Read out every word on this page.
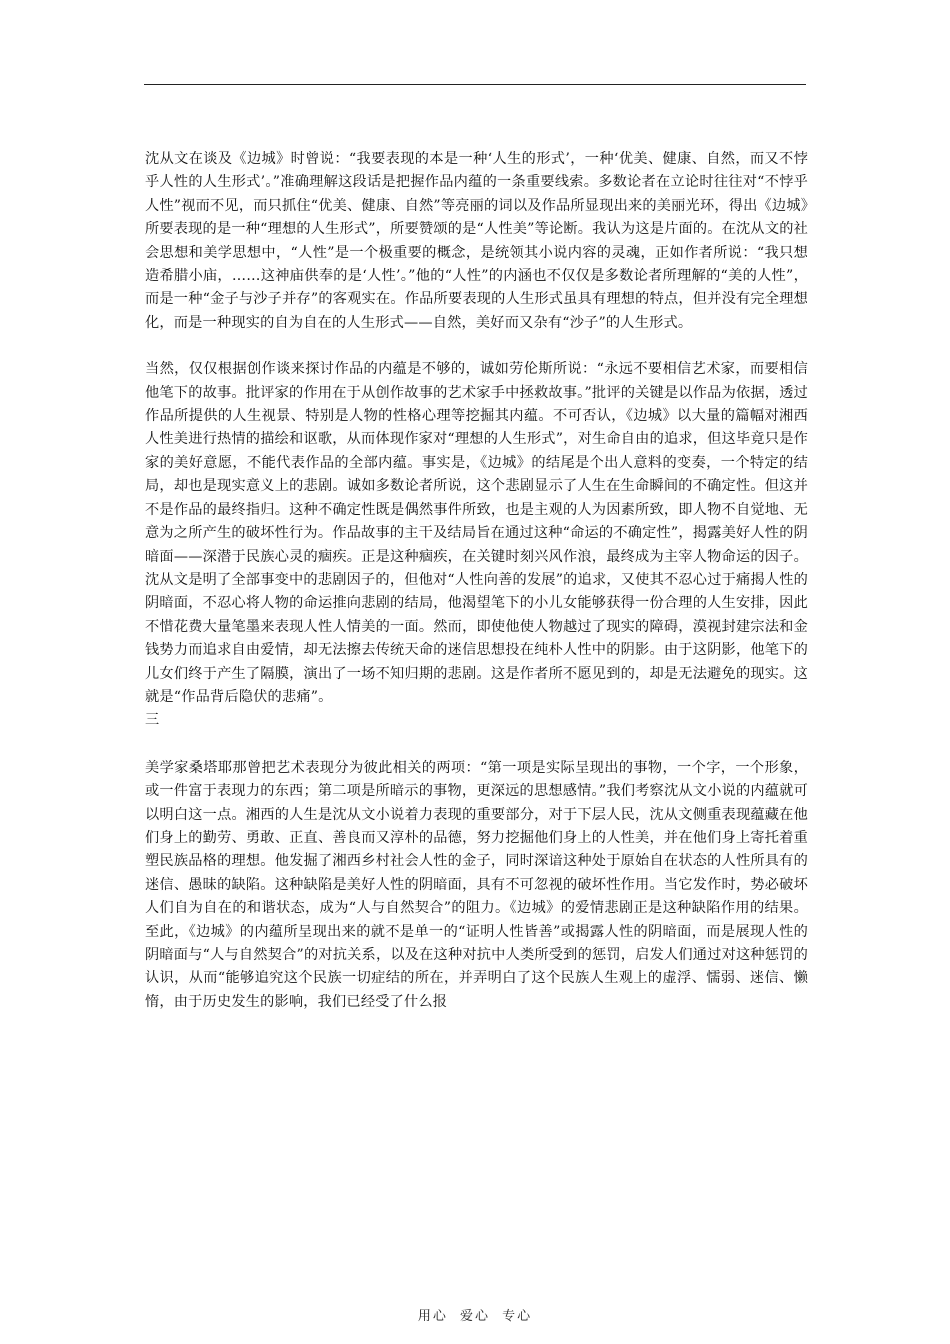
沈从文在谈及《边城》时曾说：“我要表现的本是一种‘人生的形式’，一种‘优美、健康、自然，而又不悖乎人性的人生形式’。”准确理解这段话是把握作品内蕴的一条重要线索。多数论者在立论时往往对“不悖乎人性”视而不见，而只抓住“优美、健康、自然”等亮丽的词以及作品所显现出来的美丽光环，得出《边城》所要表现的是一种“理想的人生形式”，所要赞颂的是“人性美”等论断。我认为这是片面的。在沈从文的社会思想和美学思想中，“人性”是一个极重要的概念，是统领其小说内容的灵魂，正如作者所说：“我只想造希腊小庙，……这神庙供奉的是‘人性’。”他的“人性”的内涵也不仅仅是多数论者所理解的“美的人性”，而是一种“金子与沙子并存”的客观实在。作品所要表现的人生形式虽具有理想的特点，但并没有完全理想化，而是一种现实的自为自在的人生形式——自然，美好而又杂有“沙子”的人生形式。

当然，仅仅根据创作谈来探讨作品的内蕴是不够的，诚如劳伦斯所说：“永远不要相信艺术家，而要相信他笔下的故事。批评家的作用在于从创作故事的艺术家手中拯救故事。”批评的关键是以作品为依据，透过作品所提供的人生视景、特别是人物的性格心理等挖掘其内蕴。不可否认，《边城》以大量的篇幅对湘西人性美进行热情的描绘和讴歌，从而体现作家对“理想的人生形式”，对生命自由的追求，但这毕竟只是作家的美好意愿，不能代表作品的全部内蕴。事实是，《边城》的结尾是个出人意料的变奏，一个特定的结局，却也是现实意义上的悲剧。诚如多数论者所说，这个悲剧显示了人生在生命瞬间的不确定性。但这并不是作品的最终指归。这种不确定性既是偶然事件所致，也是主观的人为因素所致，即人物不自觉地、无意为之所产生的破坏性行为。作品故事的主干及结局旨在通过这种“命运的不确定性”，揭露美好人性的阴暗面——深潜于民族心灵的痼疾。正是这种痼疾，在关键时刻兴风作浪，最终成为主宰人物命运的因子。沈从文是明了全部事变中的悲剧因子的，但他对“人性向善的发展”的追求，又使其不忍心过于痛揭人性的阴暗面，不忍心将人物的命运推向悲剧的结局，他渴望笔下的小儿女能够获得一份合理的人生安排，因此不惜花费大量笔墨来表现人性人情美的一面。然而，即使他使人物越过了现实的障碍，漠视封建宗法和金钱势力而追求自由爱情，却无法擦去传统天命的迷信思想投在纯朴人性中的阴影。由于这阴影，他笔下的儿女们终于产生了隔膜，演出了一场不知归期的悲剧。这是作者所不愿见到的，却是无法避免的现实。这就是“作品背后隐伏的悲痛”。

三

美学家桑塔耶那曾把艺术表现分为彼此相关的两项：“第一项是实际呈现出的事物，一个字，一个形象，或一件富于表现力的东西；第二项是所暗示的事物，更深远的思想感情。”我们考察沈从文小说的内蕴就可以明白这一点。湘西的人生是沈从文小说着力表现的重要部分，对于下层人民，沈从文侧重表现蕴藏在他们身上的勤劳、勇敢、正直、善良而又淳朴的品德，努力挖掘他们身上的人性美，并在他们身上寄托着重塑民族品格的理想。他发掘了湘西乡村社会人性的金子，同时深谙这种处于原始自在状态的人性所具有的迷信、愚昧的缺陷。这种缺陷是美好人性的阴暗面，具有不可忽视的破坏性作用。当它发作时，势必破坏人们自为自在的和谐状态，成为“人与自然契合”的阻力。《边城》的爱情悲剧正是这种缺陷作用的结果。至此，《边城》的内蕴所呈现出来的就不是单一的“证明人性皆善”或揭露人性的阴暗面，而是展现人性的阴暗面与“人与自然契合”的对抗关系，以及在这种对抗中人类所受到的惩罚，启发人们通过对这种惩罚的认识，从而“能够追究这个民族一切症结的所在，并弄明白了这个民族人生观上的虚浮、懦弱、迷信、懒惰，由于历史发生的影响，我们已经受了什么报

用心 爱心 专心
